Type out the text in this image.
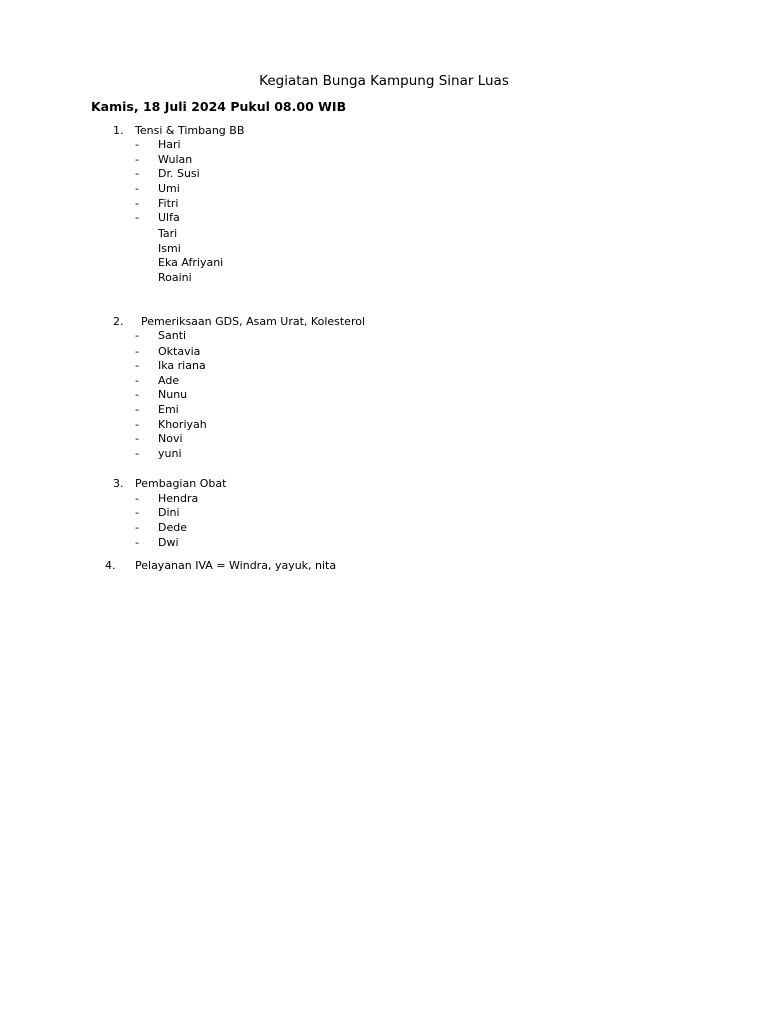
Kegiatan Bunga Kampung Sinar Luas
Kamis, 18 Juli 2024 Pukul 08.00 WIB
1. Tensi & Timbang BB
- Hari
- Wulan
- Dr. Susi
- Umi
- Fitri
- Ulfa
Tari
Ismi
Eka Afriyani
Roaini
2. Pemeriksaan GDS, Asam Urat, Kolesterol
- Santi
- Oktavia
- Ika riana
- Ade
- Nunu
- Emi
- Khoriyah
- Novi
- yuni
3. Pembagian Obat
- Hendra
- Dini
- Dede
- Dwi
4. Pelayanan IVA = Windra, yayuk, nita
